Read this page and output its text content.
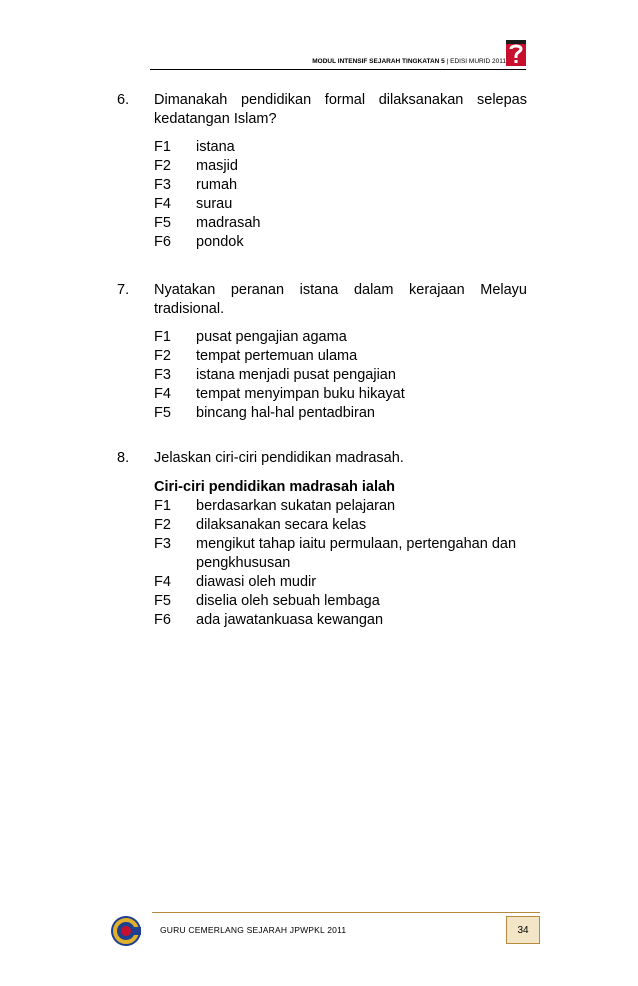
MODUL INTENSIF SEJARAH TINGKATAN 5 | EDISI MURID 2011
6. Dimanakah pendidikan formal dilaksanakan selepas kedatangan Islam?
F1	istana
F2	masjid
F3	rumah
F4	surau
F5	madrasah
F6	pondok
7. Nyatakan peranan istana dalam kerajaan Melayu tradisional.
F1	pusat pengajian agama
F2	tempat pertemuan ulama
F3	istana menjadi pusat pengajian
F4	tempat menyimpan buku hikayat
F5	bincang hal-hal pentadbiran
8. Jelaskan ciri-ciri pendidikan madrasah.
Ciri-ciri pendidikan madrasah ialah
F1	berdasarkan sukatan pelajaran
F2	dilaksanakan secara kelas
F3	mengikut tahap iaitu permulaan, pertengahan dan pengkhususan
F4	diawasi oleh mudir
F5	diselia oleh sebuah lembaga
F6	ada jawatankuasa kewangan
GURU CEMERLANG SEJARAH JPWPKL 2011	34
